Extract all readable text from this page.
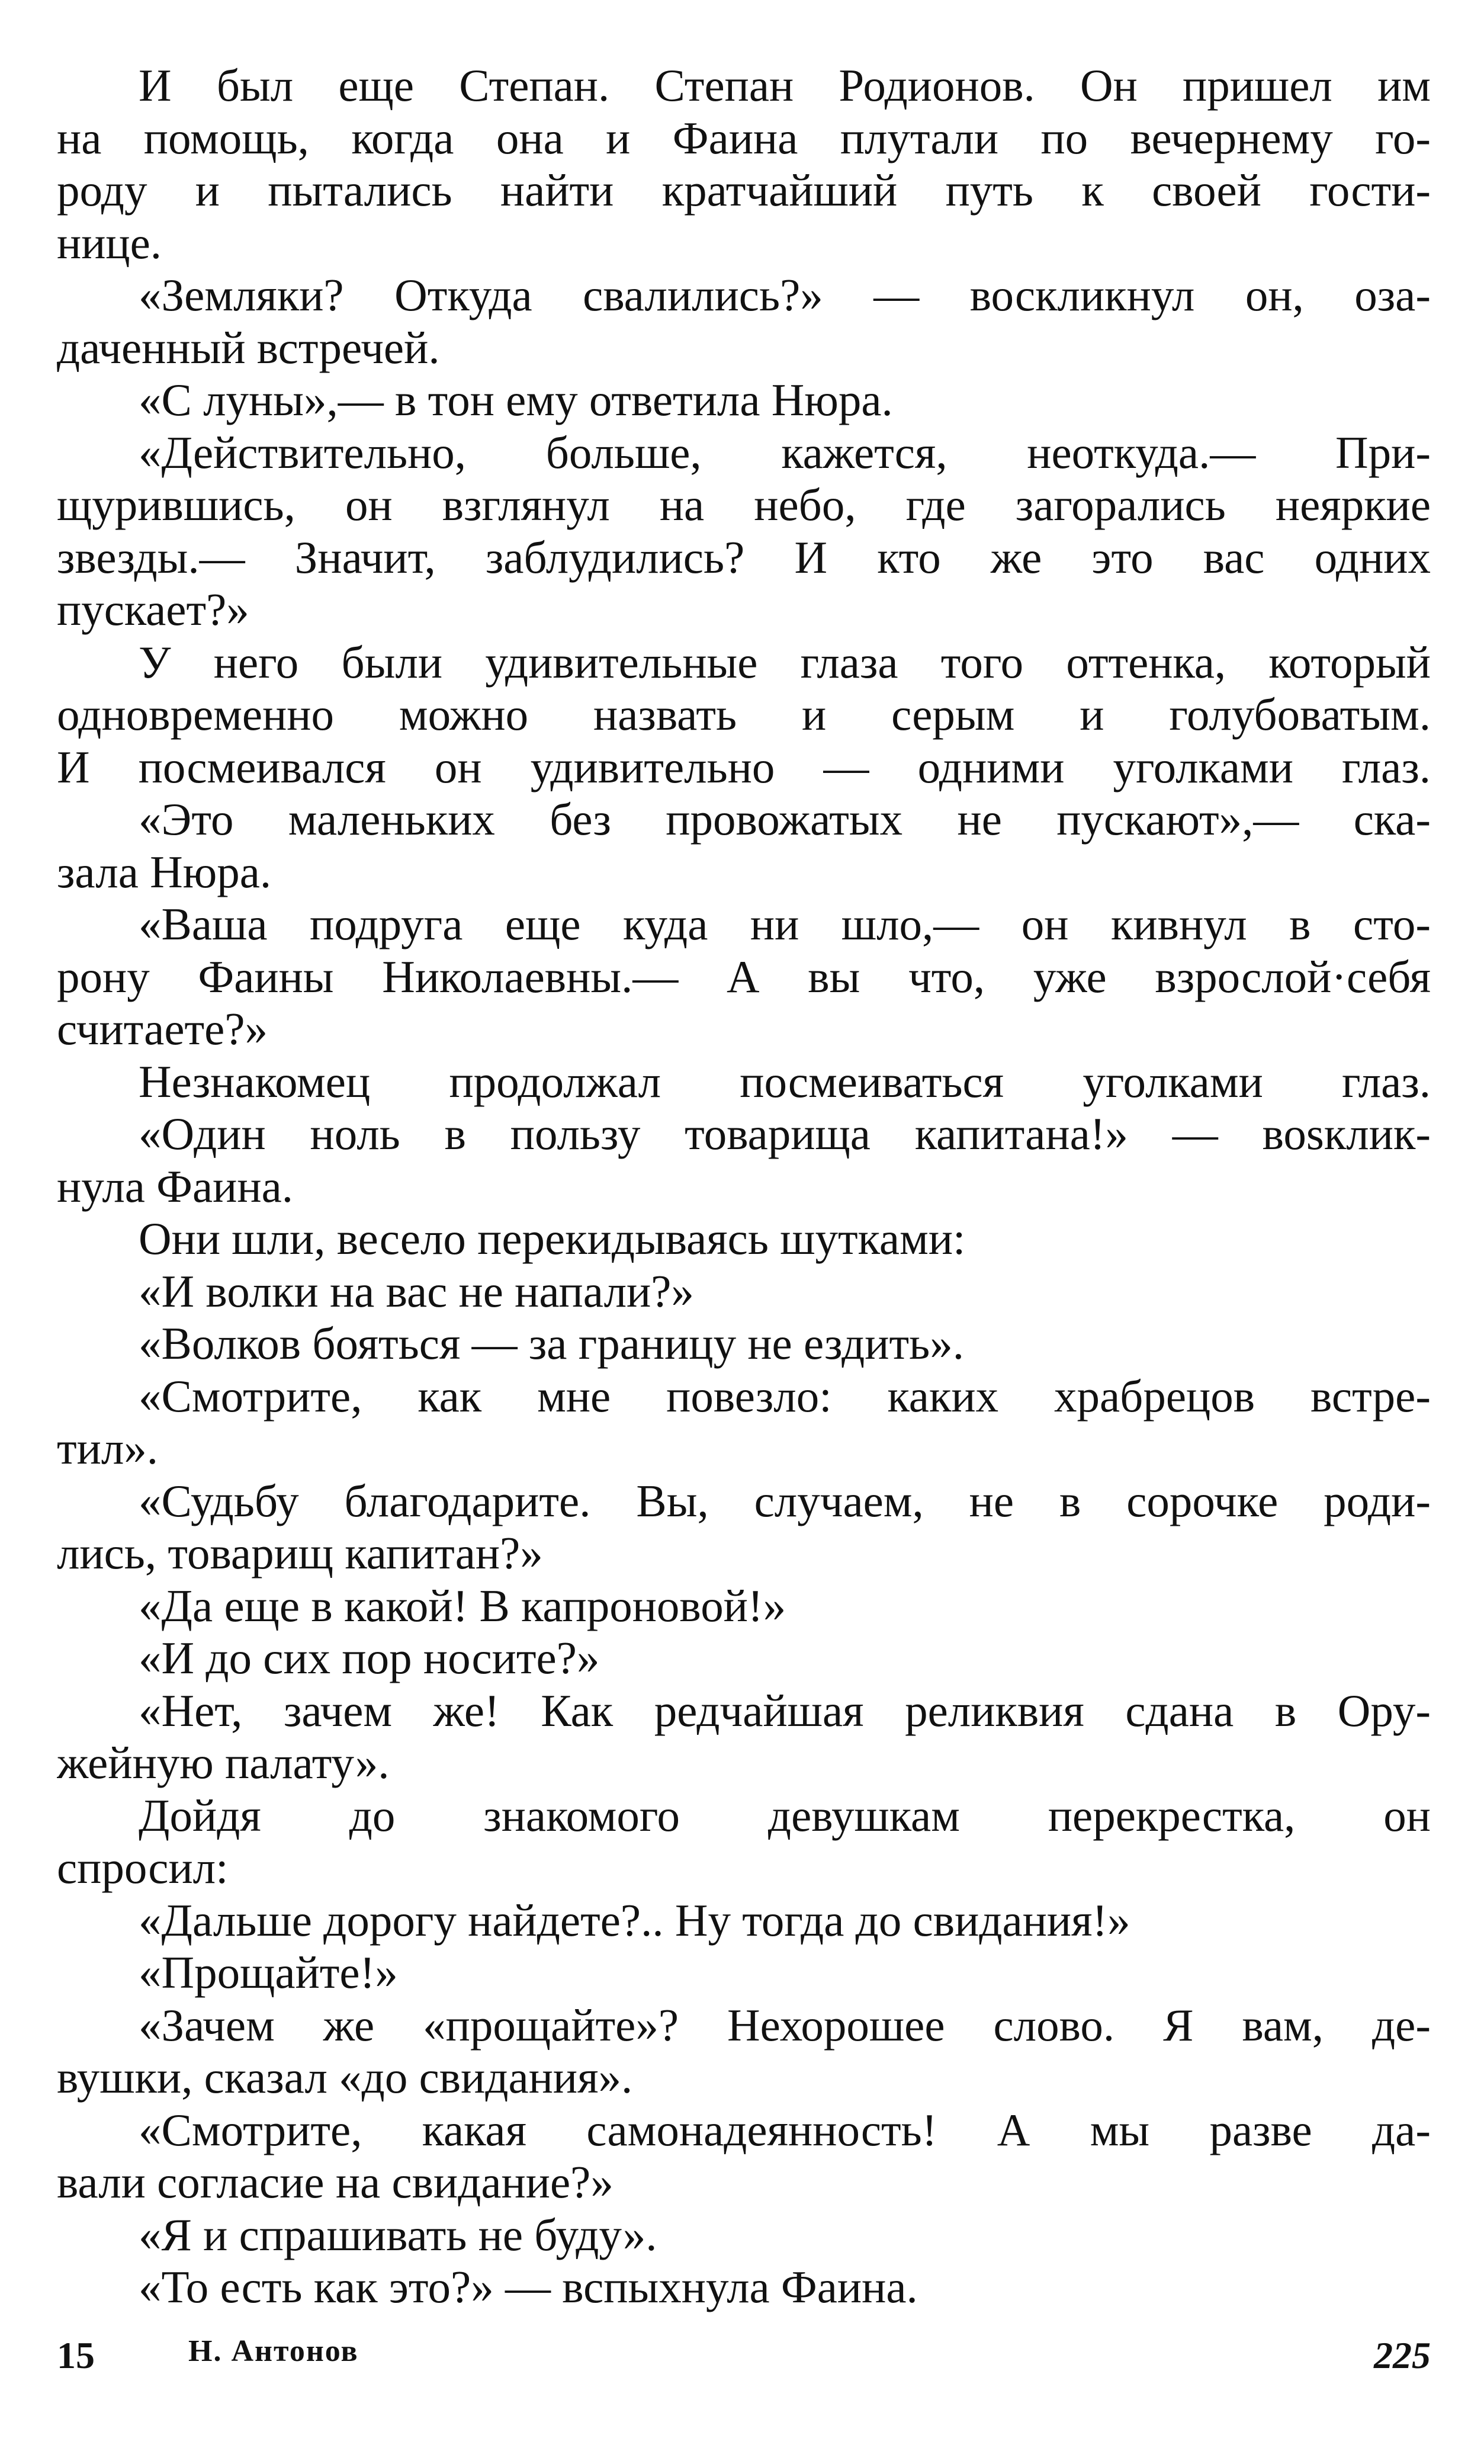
И был еще Степан. Степан Родионов. Он пришел им
на помощь, когда она и Фаина плутали по вечернему го-
роду и пытались найти кратчайший путь к своей гости-
нице.
«Земляки? Откуда свалились?» — воскликнул он, оза-
даченный встречей.
«С луны»,— в тон ему ответила Нюра.
«Действительно, больше, кажется, неоткуда.— При-
щурившись, он взглянул на небо, где загорались неяркие
звезды.— Значит, заблудились? И кто же это вас одних
пускает?»
У него были удивительные глаза того оттенка, который
одновременно можно назвать и серым и голубоватым.
И посмеивался он удивительно — одними уголками глаз.
«Это маленьких без провожатых не пускают»,— ска-
зала Нюра.
«Ваша подруга еще куда ни шло,— он кивнул в сто-
рону Фаины Николаевны.— А вы что, уже взрослой·себя
считаете?»
Незнакомец продолжал посмеиваться уголками глаз.
«Один ноль в пользу товарища капитана!» — воsклик-
нула Фаина.
Они шли, весело перекидываясь шутками:
«И волки на вас не напали?»
«Волков бояться — за границу не ездить».
«Смотрите, как мне повезло: каких храбрецов встре-
тил».
«Судьбу благодарите. Вы, случаем, не в сорочке роди-
лись, товарищ капитан?»
«Да еще в какой! В капроновой!»
«И до сих пор носите?»
«Нет, зачем же! Как редчайшая реликвия сдана в Ору-
жейную палату».
Дойдя до знакомого девушкам перекрестка, он
спросил:
«Дальше дорогу найдете?.. Ну тогда до свидания!»
«Прощайте!»
«Зачем же «прощайте»? Нехорошее слово. Я вам, де-
вушки, сказал «до свидания».
«Смотрите, какая самонадеянность! А мы разве да-
вали согласие на свидание?»
«Я и спрашивать не буду».
«То есть как это?» — вспыхнула Фаина.
15	Н. Антонов	225
